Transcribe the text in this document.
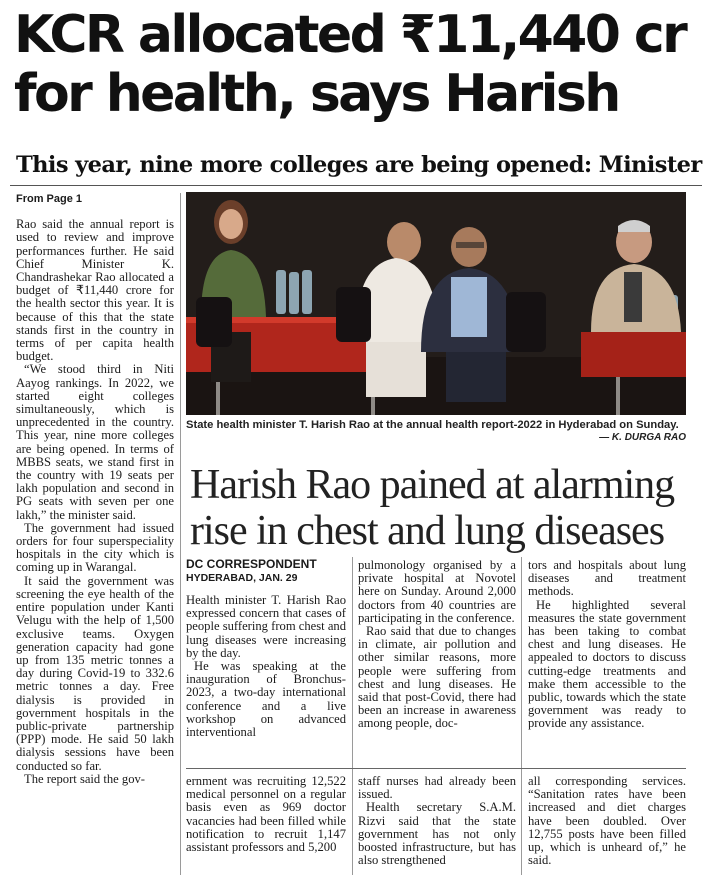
KCR allocated ₹11,440 cr
for health, says Harish
This year, nine more colleges are being opened: Minister
From Page 1

Rao said the annual report is used to review and improve performances further. He said Chief Minister K. Chandrashekar Rao allocated a budget of ₹11,440 crore for the health sector this year. It is because of this that the state stands first in the country in terms of per capita health budget.

“We stood third in Niti Aayog rankings. In 2022, we started eight colleges simultaneously, which is unprecedented in the country. This year, nine more colleges are being opened. In terms of MBBS seats, we stand first in the country with 19 seats per lakh population and second in PG seats with seven per one lakh,” the minister said.

The government had issued orders for four superspeciality hospitals in the city which is coming up in Warangal.

It said the government was screening the eye health of the entire population under Kanti Velugu with the help of 1,500 exclusive teams. Oxygen generation capacity had gone up from 135 metric tonnes a day during Covid-19 to 332.6 metric tonnes a day. Free dialysis is provided in government hospitals in the public-private partnership (PPP) mode. He said 50 lakh dialysis sessions have been conducted so far.

The report said the gov-

State health minister T. Harish Rao at the annual health report-2022 in Hyderabad on Sunday.
— K. DURGA RAO
Harish Rao pained at alarming
rise in chest and lung diseases
DC CORRESPONDENT
HYDERABAD, JAN. 29

Health minister T. Harish Rao expressed concern that cases of people suffering from chest and lung diseases were increasing by the day.

He was speaking at the inauguration of Bronchus-2023, a two-day international conference and a live workshop on advanced interventional

pulmonology organised by a private hospital at Novotel here on Sunday. Around 2,000 doctors from 40 countries are participating in the conference.

Rao said that due to changes in climate, air pollution and other similar reasons, more people were suffering from chest and lung diseases. He said that post-Covid, there had been an increase in awareness among people, doc-

tors and hospitals about lung diseases and treatment methods.

He highlighted several measures the state government has been taking to combat chest and lung diseases. He appealed to doctors to discuss cutting-edge treatments and make them accessible to the public, towards which the state government was ready to provide any assistance.

ernment was recruiting 12,522 medical personnel on a regular basis even as 969 doctor vacancies had been filled while notification to recruit 1,147 assistant professors and 5,200

staff nurses had already been issued.

Health secretary S.A.M. Rizvi said that the state government has not only boosted infrastructure, but has also strengthened

all corresponding services. “Sanitation rates have been increased and diet charges have been doubled. Over 12,755 posts have been filled up, which is unheard of,” he said.
